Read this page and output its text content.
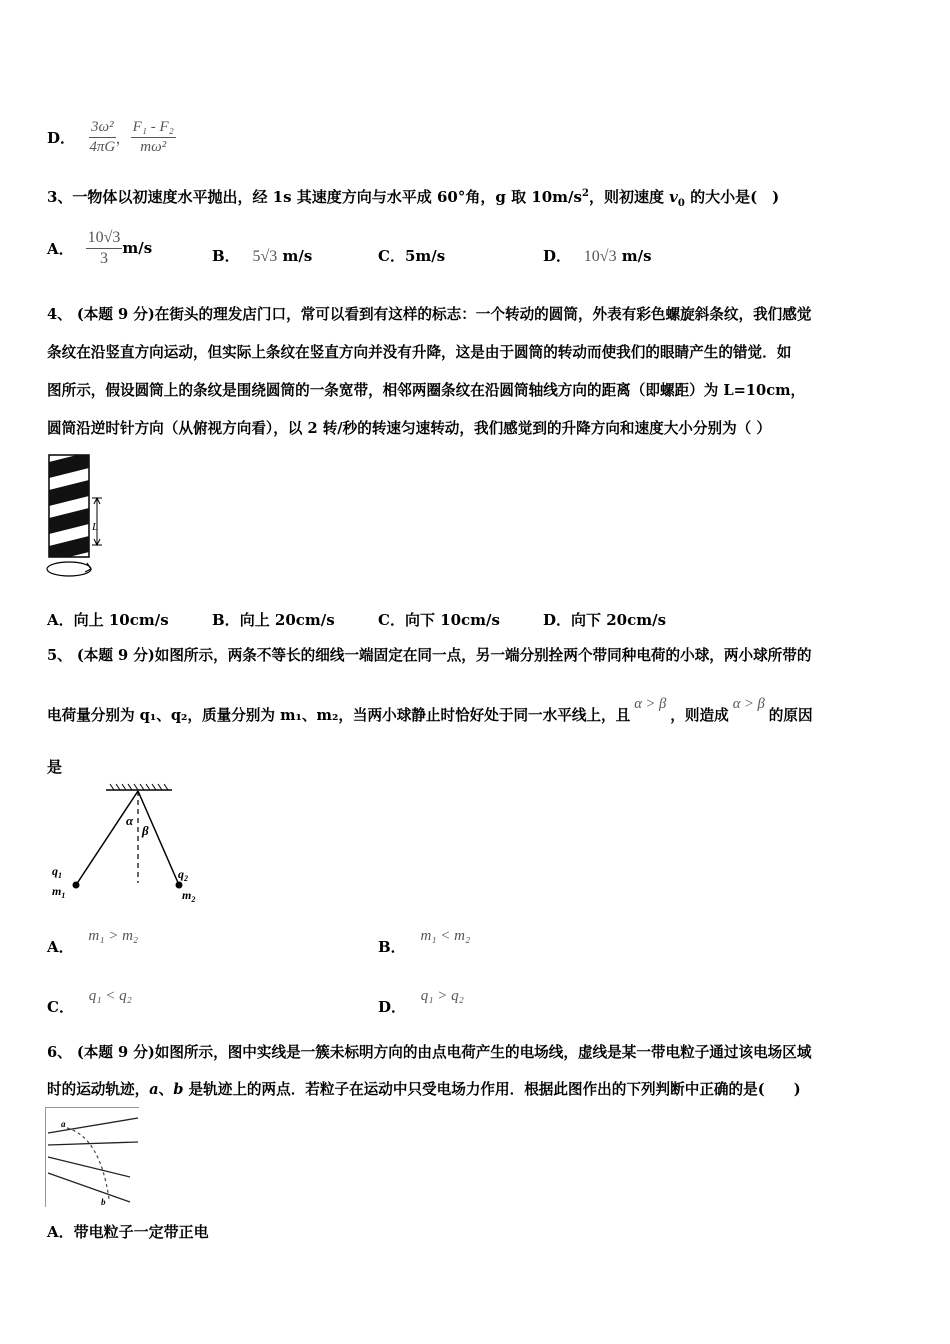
D． $\frac{\text{3ω²}}{4\pi G}$ ， $\frac{\text{F₁ - F₂}}{\text{mω²}}$
3、一物体以初速度水平抛出，经 1s 其速度方向与水平成 60°角，g 取 $10m/s^2$，则初速度 $v_0$ 的大小是(　)
A． $\frac{10√3}{3} m/s$	B． 5√3 m/s	C．5m/s	D． 10√3 m/s
4、 (本题 9 分)在街头的理发店门口，常可以看到有这样的标志：一个转动的圆筒，外表有彩色螺旋斜条纹，我们感觉
条纹在沿竖直方向运动，但实际上条纹在竖直方向并没有升降，这是由于圆筒的转动而使我们的眼睛产生的错觉．如
图所示，假设圆筒上的条纹是围绕圆筒的一条宽带，相邻两圈条纹在沿圆筒轴线方向的距离（即螺距）为 L=10cm，
圆筒沿逆时针方向（从俯视方向看），以 2 转/秒的转速匀速转动，我们感觉到的升降方向和速度大小分别为（ ）
L
A．向上 10cm/s	B．向上 20cm/s	C．向下 10cm/s	D．向下 20cm/s
5、 (本题 9 分)如图所示，两条不等长的细线一端固定在同一点，另一端分别拴两个带同种电荷的小球，两小球所带的
电荷量分别为 q₁、q₂，质量分别为 m₁、m₂，当两小球静止时恰好处于同一水平线上，且
α > β
，则造成
α > β
的原因
是
α
β
$q_1$
$m_1$
$q_2$
$m_2$
A． m₁ > m₂
B． m₁ < m₂
C． q₁ < q₂
D． q₁ > q₂
6、 (本题 9 分)如图所示，图中实线是一簇未标明方向的由点电荷产生的电场线，虚线是某一带电粒子通过该电场区域
时的运动轨迹，a、b 是轨迹上的两点．若粒子在运动中只受电场力作用．根据此图作出的下列判断中正确的是(　　)
a
b
A．带电粒子一定带正电
